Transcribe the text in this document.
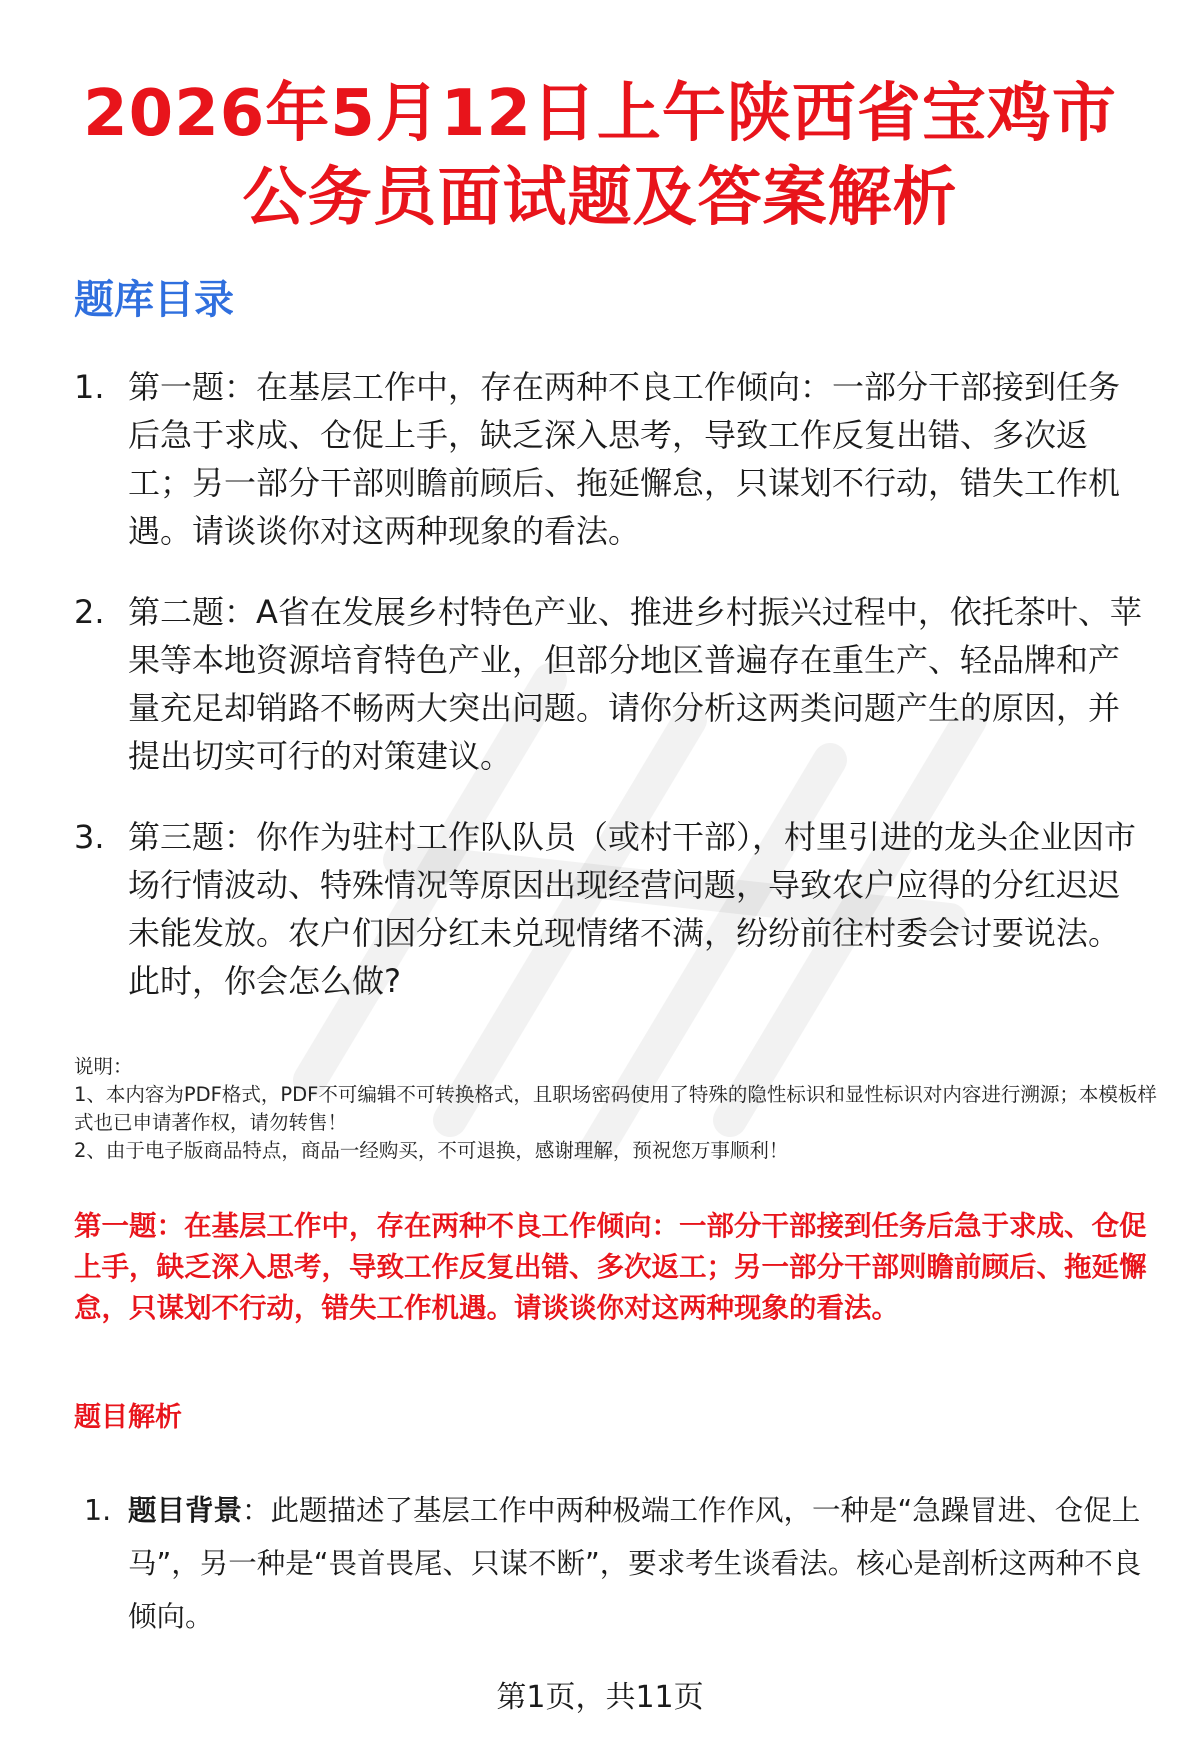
2026年5月12日上午陕西省宝鸡市
公务员面试题及答案解析
题库目录
1. 第一题：在基层工作中，存在两种不良工作倾向：一部分干部接到任务后急于求成、仓促上手，缺乏深入思考，导致工作反复出错、多次返工；另一部分干部则瞻前顾后、拖延懈怠，只谋划不行动，错失工作机遇。请谈谈你对这两种现象的看法。
2. 第二题：A省在发展乡村特色产业、推进乡村振兴过程中，依托茶叶、苹果等本地资源培育特色产业，但部分地区普遍存在重生产、轻品牌和产量充足却销路不畅两大突出问题。请你分析这两类问题产生的原因，并提出切实可行的对策建议。
3. 第三题：你作为驻村工作队队员（或村干部），村里引进的龙头企业因市场行情波动、特殊情况等原因出现经营问题，导致农户应得的分红迟迟未能发放。农户们因分红未兑现情绪不满，纷纷前往村委会讨要说法。此时，你会怎么做?

说明：

1、本内容为PDF格式，PDF不可编辑不可转换格式，且职场密码使用了特殊的隐性标识和显性标识对内容进行溯源；本模板样式也已申请著作权，请勿转售！

2、由于电子版商品特点，商品一经购买，不可退换，感谢理解，预祝您万事顺利！

第一题：在基层工作中，存在两种不良工作倾向：一部分干部接到任务后急于求成、仓促上手，缺乏深入思考，导致工作反复出错、多次返工；另一部分干部则瞻前顾后、拖延懈怠，只谋划不行动，错失工作机遇。请谈谈你对这两种现象的看法。

题目解析
1. 题目背景：此题描述了基层工作中两种极端工作作风，一种是“急躁冒进、仓促上马”，另一种是“畏首畏尾、只谋不断”，要求考生谈看法。核心是剖析这两种不良倾向。
第1页，共11页
